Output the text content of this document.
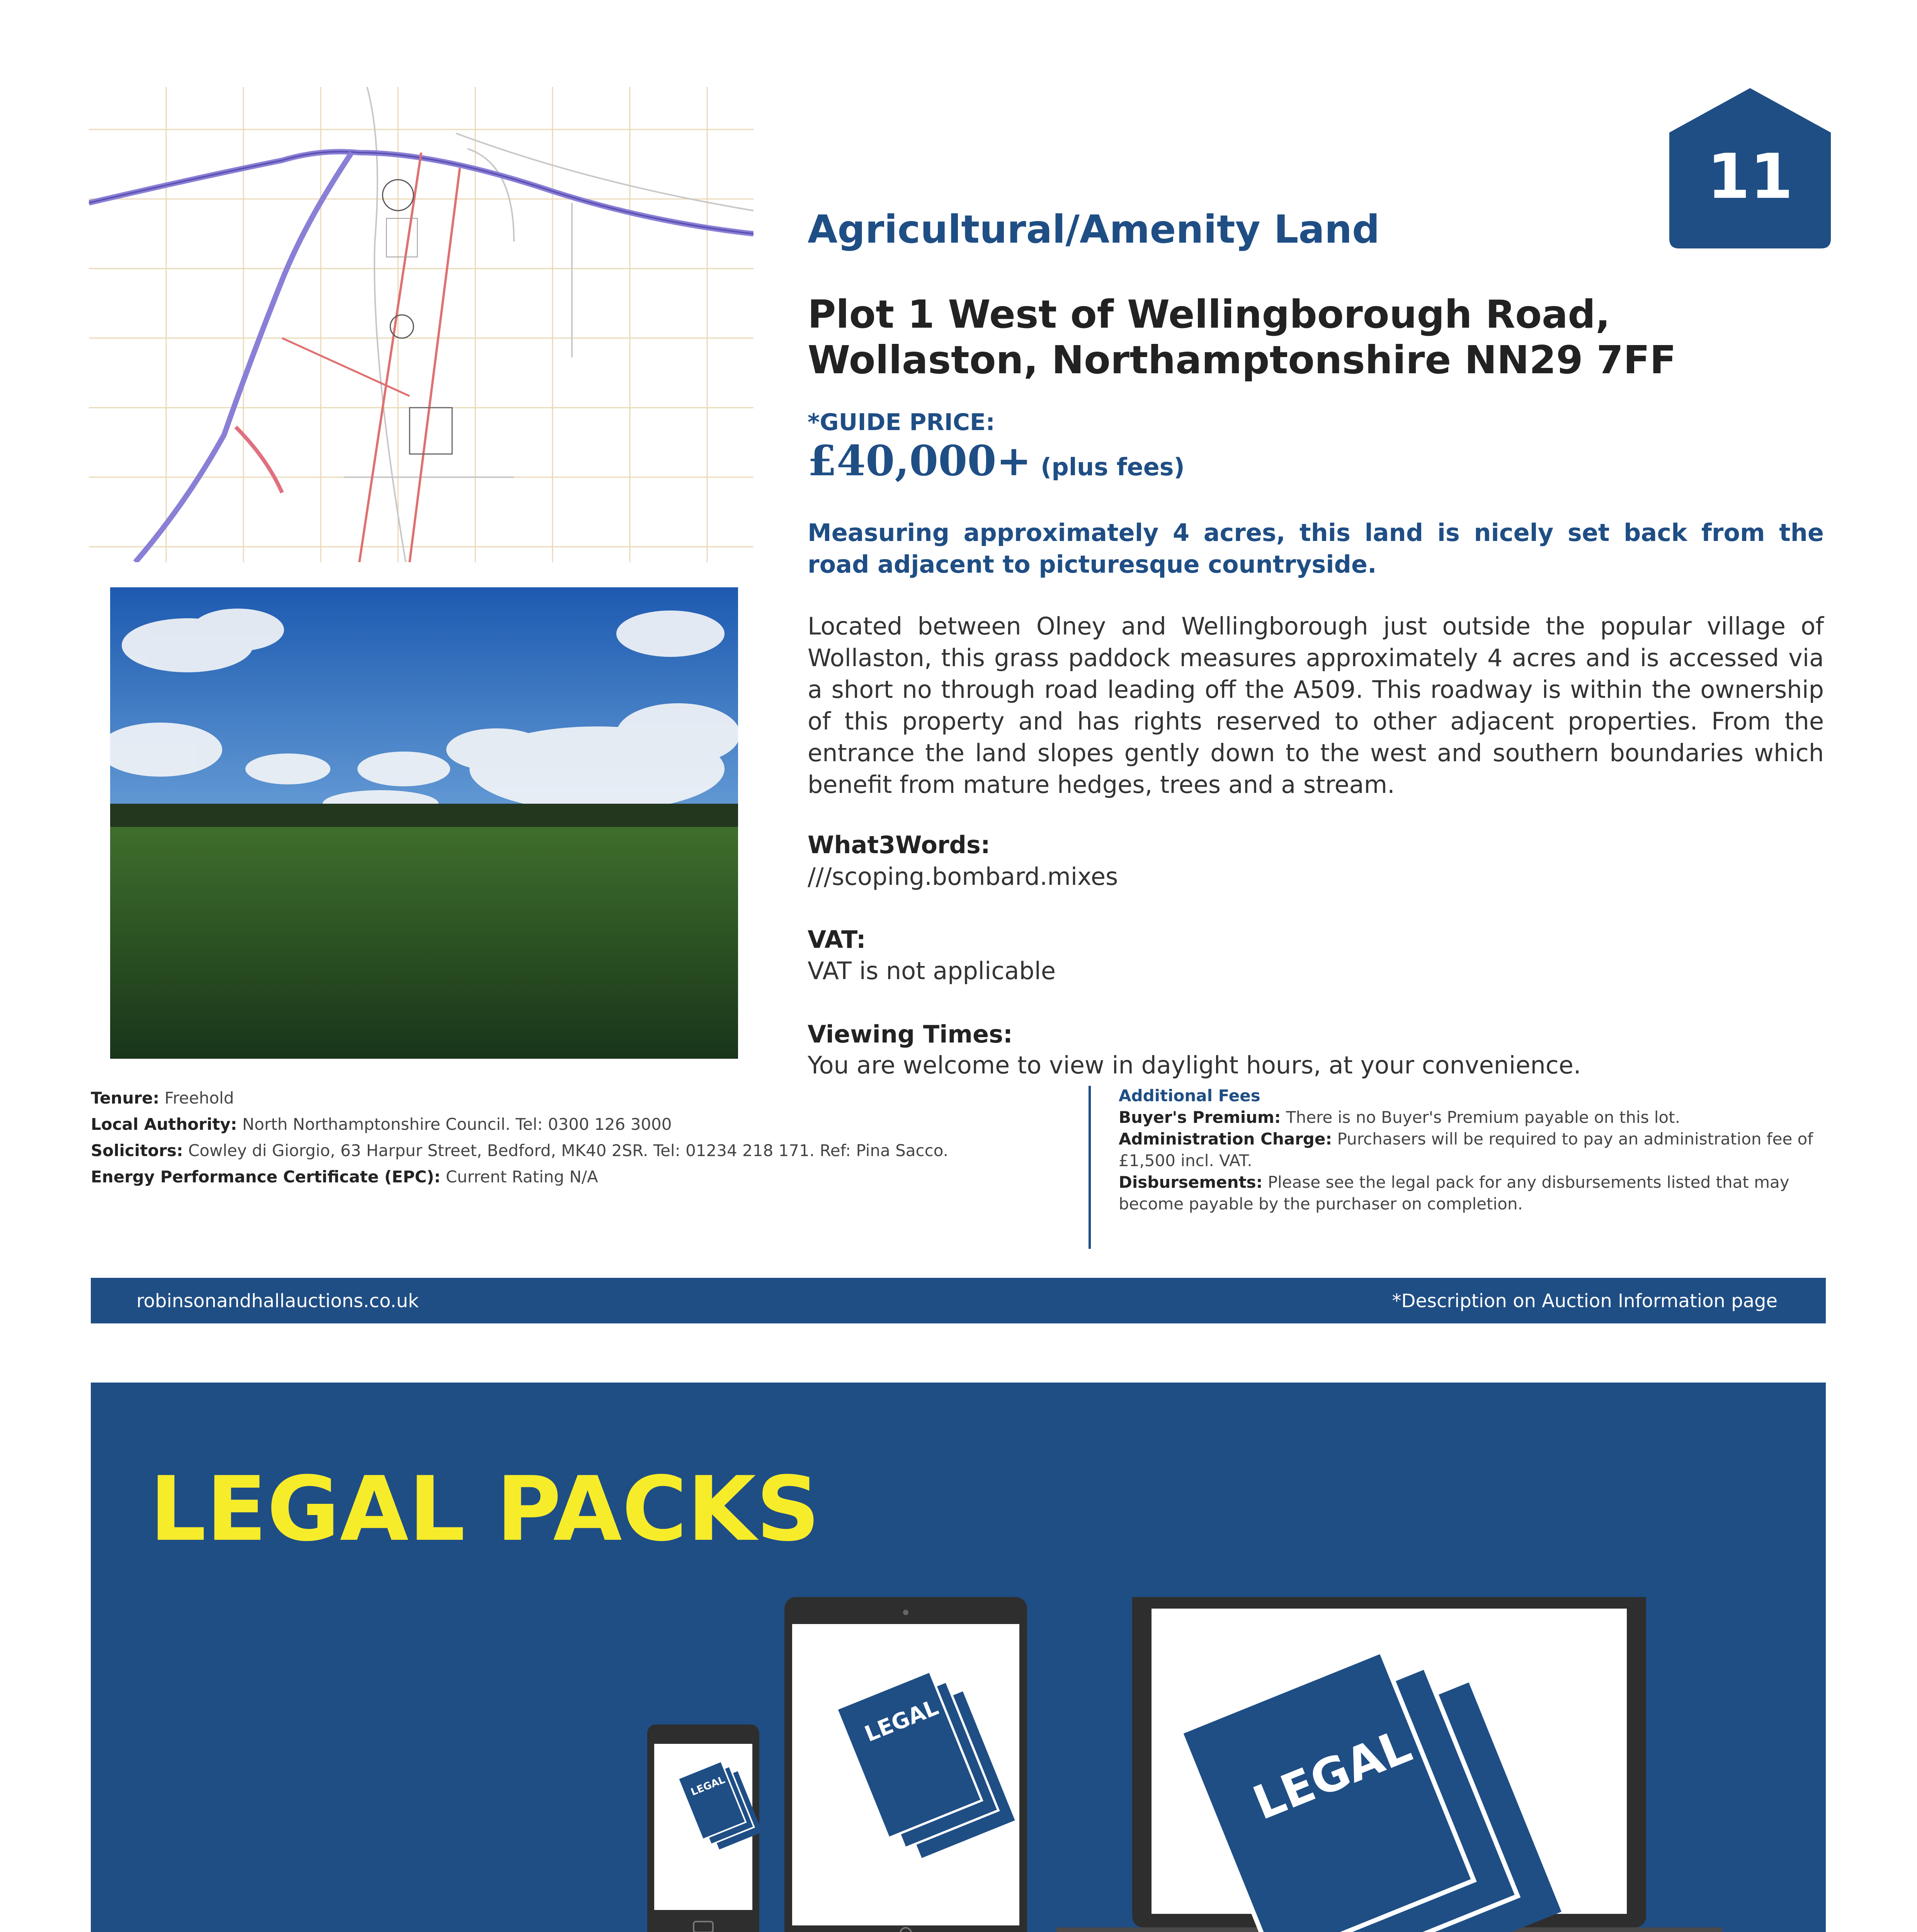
11
Agricultural/Amenity Land
Plot 1 West of Wellingborough Road, Wollaston, Northamptonshire NN29 7FF
*GUIDE PRICE:
£40,000+ (plus fees)
Measuring approximately 4 acres, this land is nicely set back from the road adjacent to picturesque countryside.
Located between Olney and Wellingborough just outside the popular village of Wollaston, this grass paddock measures approximately 4 acres and is accessed via a short no through road leading off the A509. This roadway is within the ownership of this property and has rights reserved to other adjacent properties. From the entrance the land slopes gently down to the west and southern boundaries which benefit from mature hedges, trees and a stream.
What3Words:
///scoping.bombard.mixes
VAT:
VAT is not applicable
Viewing Times:
You are welcome to view in daylight hours, at your convenience.
Tenure: Freehold
Local Authority: North Northamptonshire Council. Tel: 0300 126 3000
Solicitors: Cowley di Giorgio, 63 Harpur Street, Bedford, MK40 2SR. Tel: 01234 218 171. Ref: Pina Sacco.
Energy Performance Certificate (EPC): Current Rating N/A
Additional Fees
Buyer's Premium: There is no Buyer's Premium payable on this lot.
Administration Charge: Purchasers will be required to pay an administration fee of £1,500 incl. VAT.
Disbursements: Please see the legal pack for any disbursements listed that may become payable by the purchaser on completion.
robinsonandhallauctions.co.uk	*Description on Auction Information page
LEGAL PACKS
LEGAL
LEGAL	LEGAL
